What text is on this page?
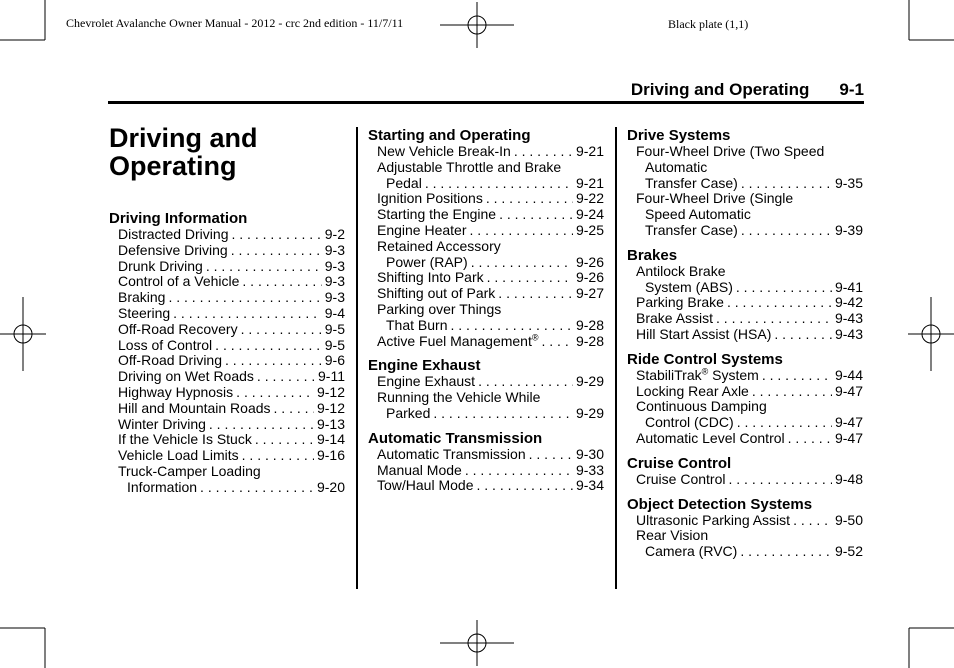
Chevrolet Avalanche Owner Manual - 2012 - crc 2nd edition - 11/7/11	Black plate (1,1)
Driving and Operating 9-1
Driving and
Operating

Driving Information

Distracted Driving . . .	9-2
Defensive Driving . . .	9-3
Drunk Driving . . .	9-3
Control of a Vehicle . . .	9-3
Braking . . .	9-3
Steering . . .	9-4
Off-Road Recovery . . .	9-5
Loss of Control . . .	9-5
Off-Road Driving . . .	9-6
Driving on Wet Roads . . .	9-11
Highway Hypnosis . . .	9-12
Hill and Mountain Roads . . .	9-12
Winter Driving . . .	9-13
If the Vehicle Is Stuck . . .	9-14
Vehicle Load Limits . . .	9-16
Truck-Camper Loading
Information . . .	9-20

Starting and Operating

New Vehicle Break-In . . .	9-21
Adjustable Throttle and Brake
Pedal . . .	9-21
Ignition Positions . . .	9-22
Starting the Engine . . .	9-24
Engine Heater . . .	9-25
Retained Accessory
Power (RAP) . . .	9-26
Shifting Into Park . . .	9-26
Shifting out of Park . . .	9-27
Parking over Things
That Burn . . .	9-28
Active Fuel Management® . . .	9-28

Engine Exhaust

Engine Exhaust . . .	9-29
Running the Vehicle While
Parked . . .	9-29

Automatic Transmission

Automatic Transmission . . .	9-30
Manual Mode . . .	9-33
Tow/Haul Mode . . .	9-34

Drive Systems

Four-Wheel Drive (Two Speed
Automatic
Transfer Case) . . .	9-35
Four-Wheel Drive (Single
Speed Automatic
Transfer Case) . . .	9-39

Brakes

Antilock Brake
System (ABS) . . .	9-41
Parking Brake . . .	9-42
Brake Assist . . .	9-43
Hill Start Assist (HSA) . . .	9-43

Ride Control Systems

StabiliTrak® System . . .	9-44
Locking Rear Axle . . .	9-47
Continuous Damping
Control (CDC) . . .	9-47
Automatic Level Control . . .	9-47

Cruise Control

Cruise Control . . .	9-48

Object Detection Systems

Ultrasonic Parking Assist . . .	9-50
Rear Vision
Camera (RVC) . . .	9-52
